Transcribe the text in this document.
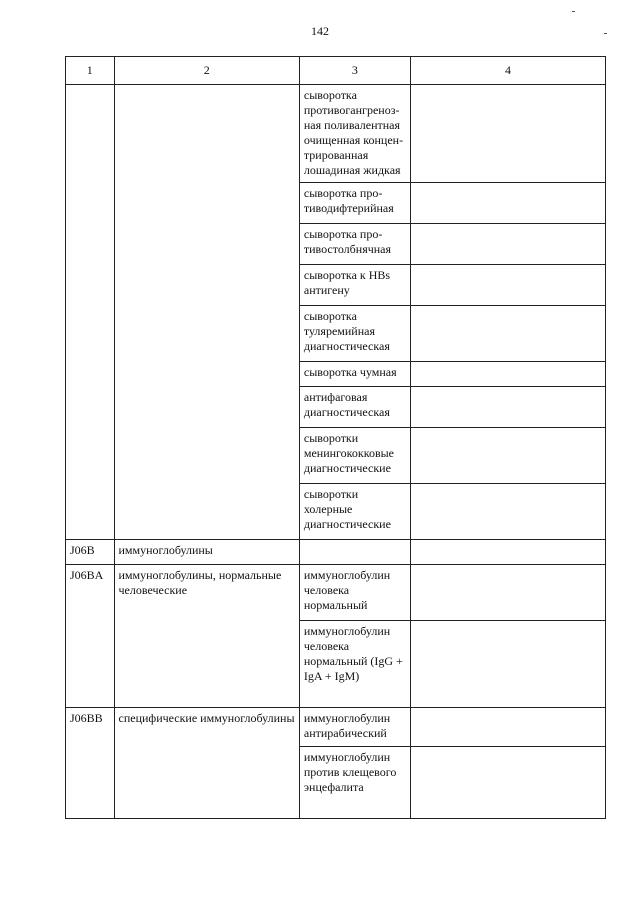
142
1	2	3	4
		сыворотка противогангреноз-ная поливалентная очищенная концен-трированная лошадиная жидкая	
		сыворотка про-тиводифтерийная	
		сыворотка про-тивостолбнячная	
		сыворотка к HBs антигену	
		сыворотка туляремийная диагностическая	
		сыворотка чумная	
		антифаговая диагностическая	
		сыворотки менингококковые диагностические	
		сыворотки холерные диагностические	
J06B	иммуноглобулины		
J06BA	иммуноглобулины, нормальные человеческие	иммуноглобулин человека нормальный	
		иммуноглобулин человека нормальный (IgG + IgA + IgM)	
J06BB	специфические иммуноглобулины	иммуноглобулин антирабический	
		иммуноглобулин против клещевого энцефалита	
